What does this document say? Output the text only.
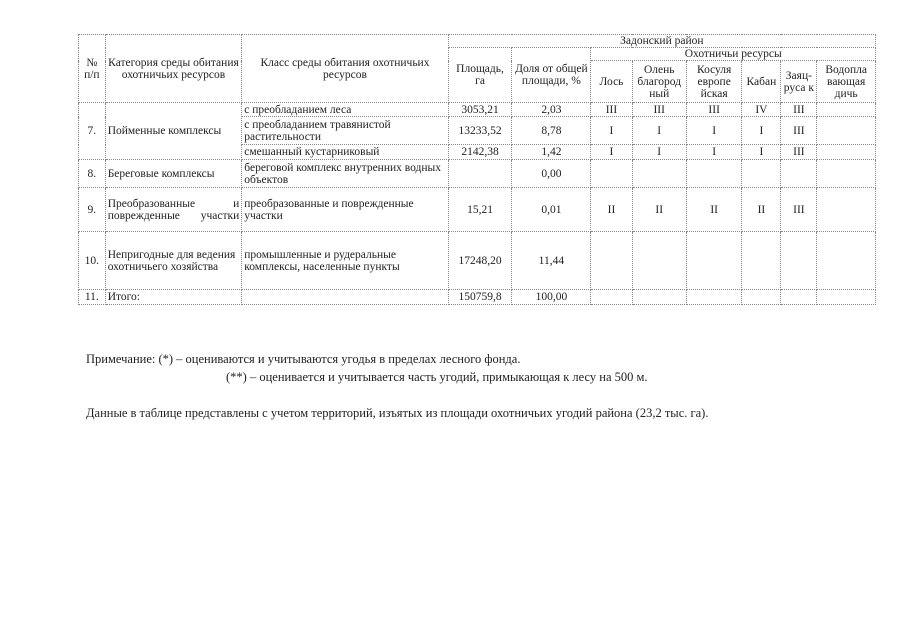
№ п/п	Категория среды обитания охотничьих ресурсов	Класс среды обитания охотничьих ресурсов	Задонский район							
			Площадь, га	Доля от общей площади, %	Охотничьи ресурсы					
					Лось	Олень благород ный	Косуля европе йская	Кабан	Заяц-руса к	Водопла вающая дичь
7.	Пойменные комплексы	с преобладанием леса	3053,21	2,03	III	III	III	IV	III	
		с преобладанием травянистой растительности	13233,52	8,78	I	I	I	I	III	
		смешанный кустарниковый	2142,38	1,42	I	I	I	I	III	
8.	Береговые комплексы	береговой комплекс внутренних водных объектов		0,00						
9.	Преобразованные и поврежденные участки	преобразованные и поврежденные участки	15,21	0,01	II	II	II	II	III	
10.	Непригодные для ведения охотничьего хозяйства	промышленные и рудеральные комплексы, населенные пункты	17248,20	11,44						
11.	Итого:		150759,8	100,00						

Примечание: (*) – оцениваются и учитываются угодья в пределах лесного фонда.

(**) – оценивается и учитывается часть угодий, примыкающая к лесу на 500 м.

Данные в таблице представлены с учетом территорий, изъятых из площади охотничьих угодий района (23,2 тыс. га).
